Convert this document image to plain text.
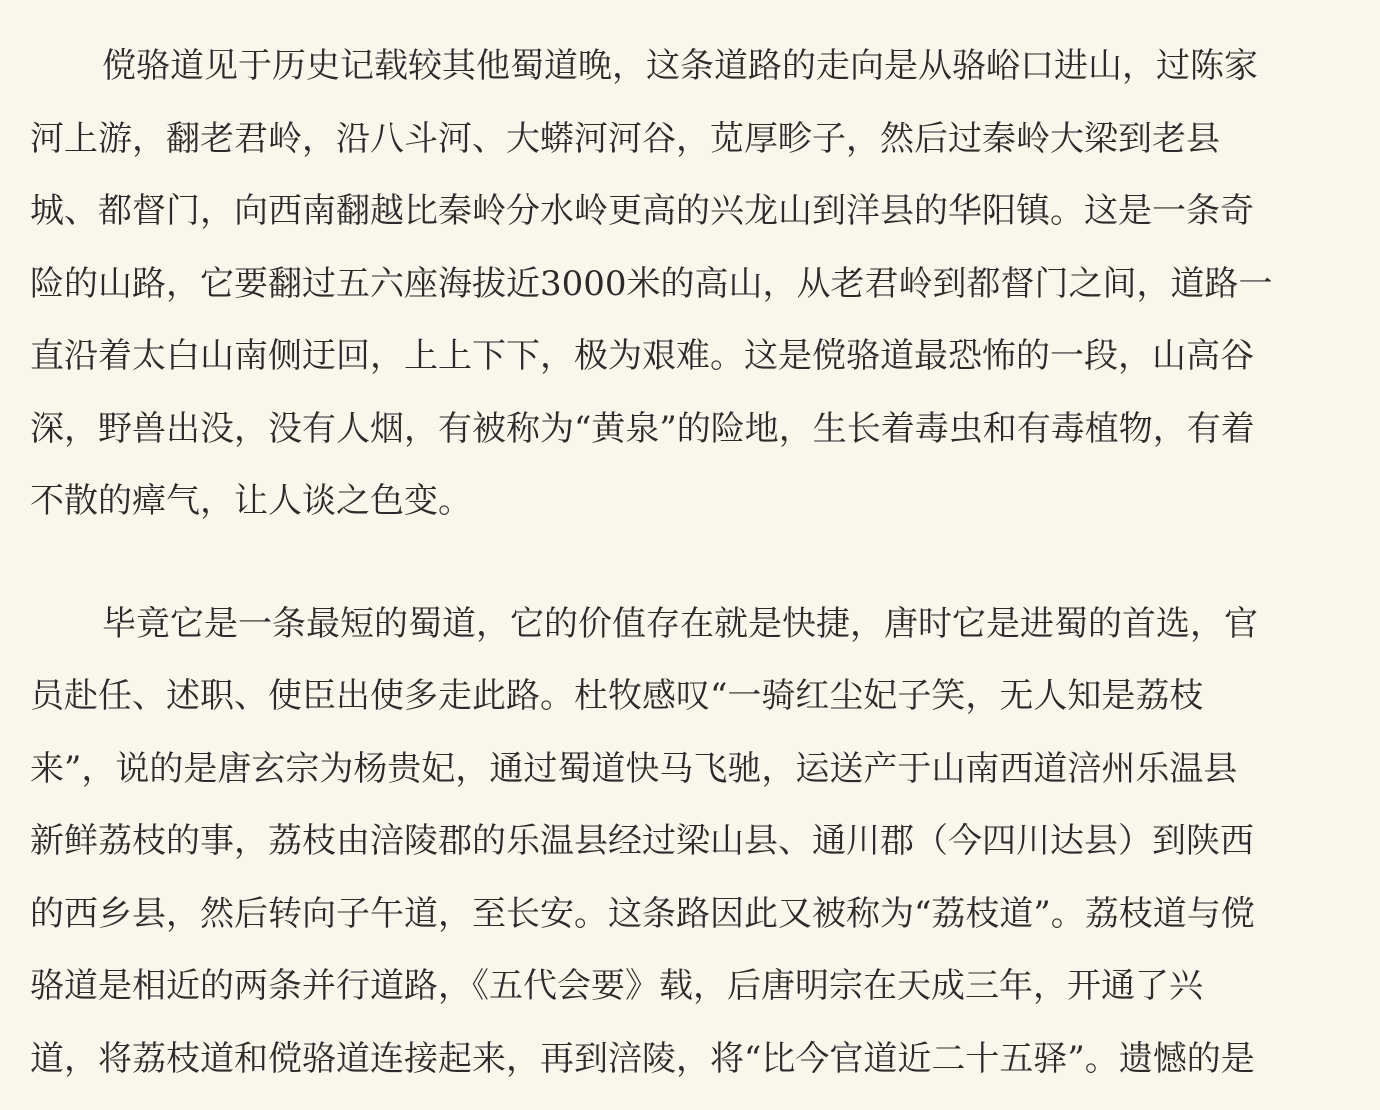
傥骆道见于历史记载较其他蜀道晚，这条道路的走向是从骆峪口进山，过陈家
河上游，翻老君岭，沿八斗河、大蟒河河谷，苋厚畛子，然后过秦岭大梁到老县
城、都督门，向西南翻越比秦岭分水岭更高的兴龙山到洋县的华阳镇。这是一条奇
险的山路，它要翻过五六座海拔近3000米的高山，从老君岭到都督门之间，道路一
直沿着太白山南侧迂回，上上下下，极为艰难。这是傥骆道最恐怖的一段，山高谷
深，野兽出没，没有人烟，有被称为“黄泉”的险地，生长着毒虫和有毒植物，有着
不散的瘴气，让人谈之色变。
毕竟它是一条最短的蜀道，它的价值存在就是快捷，唐时它是进蜀的首选，官
员赴任、述职、使臣出使多走此路。杜牧感叹“一骑红尘妃子笑，无人知是荔枝
来”，说的是唐玄宗为杨贵妃，通过蜀道快马飞驰，运送产于山南西道涪州乐温县
新鲜荔枝的事，荔枝由涪陵郡的乐温县经过梁山县、通川郡（今四川达县）到陕西
的西乡县，然后转向子午道，至长安。这条路因此又被称为“荔枝道”。荔枝道与傥
骆道是相近的两条并行道路，《五代会要》载，后唐明宗在天成三年，开通了兴
道，将荔枝道和傥骆道连接起来，再到涪陵，将“比今官道近二十五驿”。遗憾的是
